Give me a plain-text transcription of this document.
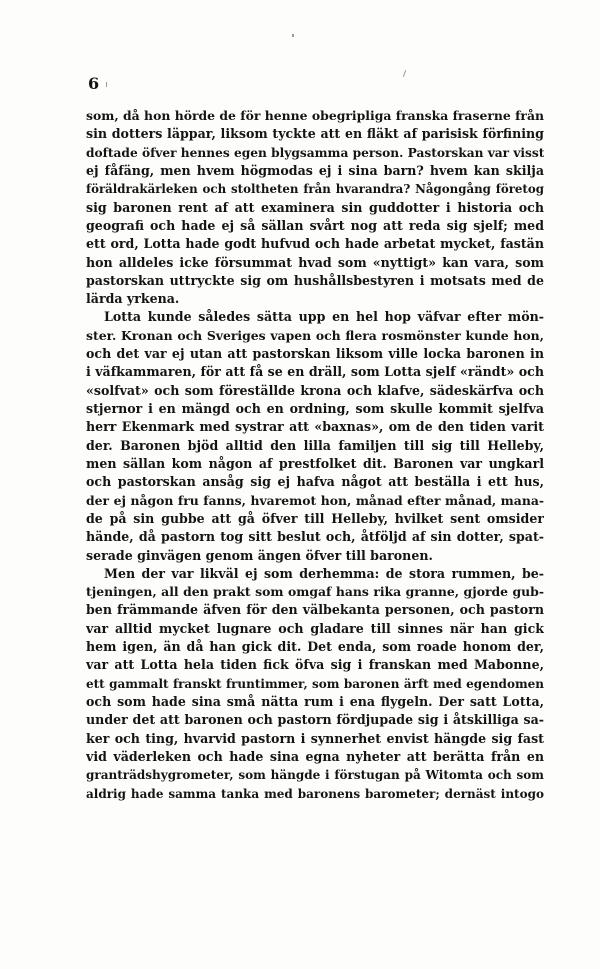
6
som, då hon hörde de för henne obegripliga franska fraserne från
sin dotters läppar, liksom tyckte att en fläkt af parisisk förfining
doftade öfver hennes egen blygsamma person. Pastorskan var visst
ej fåfäng, men hvem högmodas ej i sina barn? hvem kan skilja
föräldrakärleken och stoltheten från hvarandra? Någongång företog
sig baronen rent af att examinera sin guddotter i historia och
geografi och hade ej så sällan svårt nog att reda sig sjelf; med
ett ord, Lotta hade godt hufvud och hade arbetat mycket, fastän
hon alldeles icke försummat hvad som «nyttigt» kan vara, som
pastorskan uttryckte sig om hushållsbestyren i motsats med de
lärda yrkena.
Lotta kunde således sätta upp en hel hop väfvar efter mön-
ster. Kronan och Sveriges vapen och flera rosmönster kunde hon,
och det var ej utan att pastorskan liksom ville locka baronen in
i väfkammaren, för att få se en dräll, som Lotta sjelf «rändt» och
«solfvat» och som föreställde krona och klafve, sädeskärfva och
stjernor i en mängd och en ordning, som skulle kommit sjelfva
herr Ekenmark med systrar att «baxnas», om de den tiden varit
der. Baronen bjöd alltid den lilla familjen till sig till Helleby,
men sällan kom någon af prestfolket dit. Baronen var ungkarl
och pastorskan ansåg sig ej hafva något att beställa i ett hus,
der ej någon fru fanns, hvaremot hon, månad efter månad, mana-
de på sin gubbe att gå öfver till Helleby, hvilket sent omsider
hände, då pastorn tog sitt beslut och, åtföljd af sin dotter, spat-
serade ginvägen genom ängen öfver till baronen.
Men der var likväl ej som derhemma: de stora rummen, be-
tjeningen, all den prakt som omgaf hans rika granne, gjorde gub-
ben främmande äfven för den välbekanta personen, och pastorn
var alltid mycket lugnare och gladare till sinnes när han gick
hem igen, än då han gick dit. Det enda, som roade honom der,
var att Lotta hela tiden fick öfva sig i franskan med Mabonne,
ett gammalt franskt fruntimmer, som baronen ärft med egendomen
och som hade sina små nätta rum i ena flygeln. Der satt Lotta,
under det att baronen och pastorn fördjupade sig i åtskilliga sa-
ker och ting, hvarvid pastorn i synnerhet envist hängde sig fast
vid väderleken och hade sina egna nyheter att berätta från en
granträdshygrometer, som hängde i förstugan på Witomta och som
aldrig hade samma tanka med baronens barometer; dernäst intogo
